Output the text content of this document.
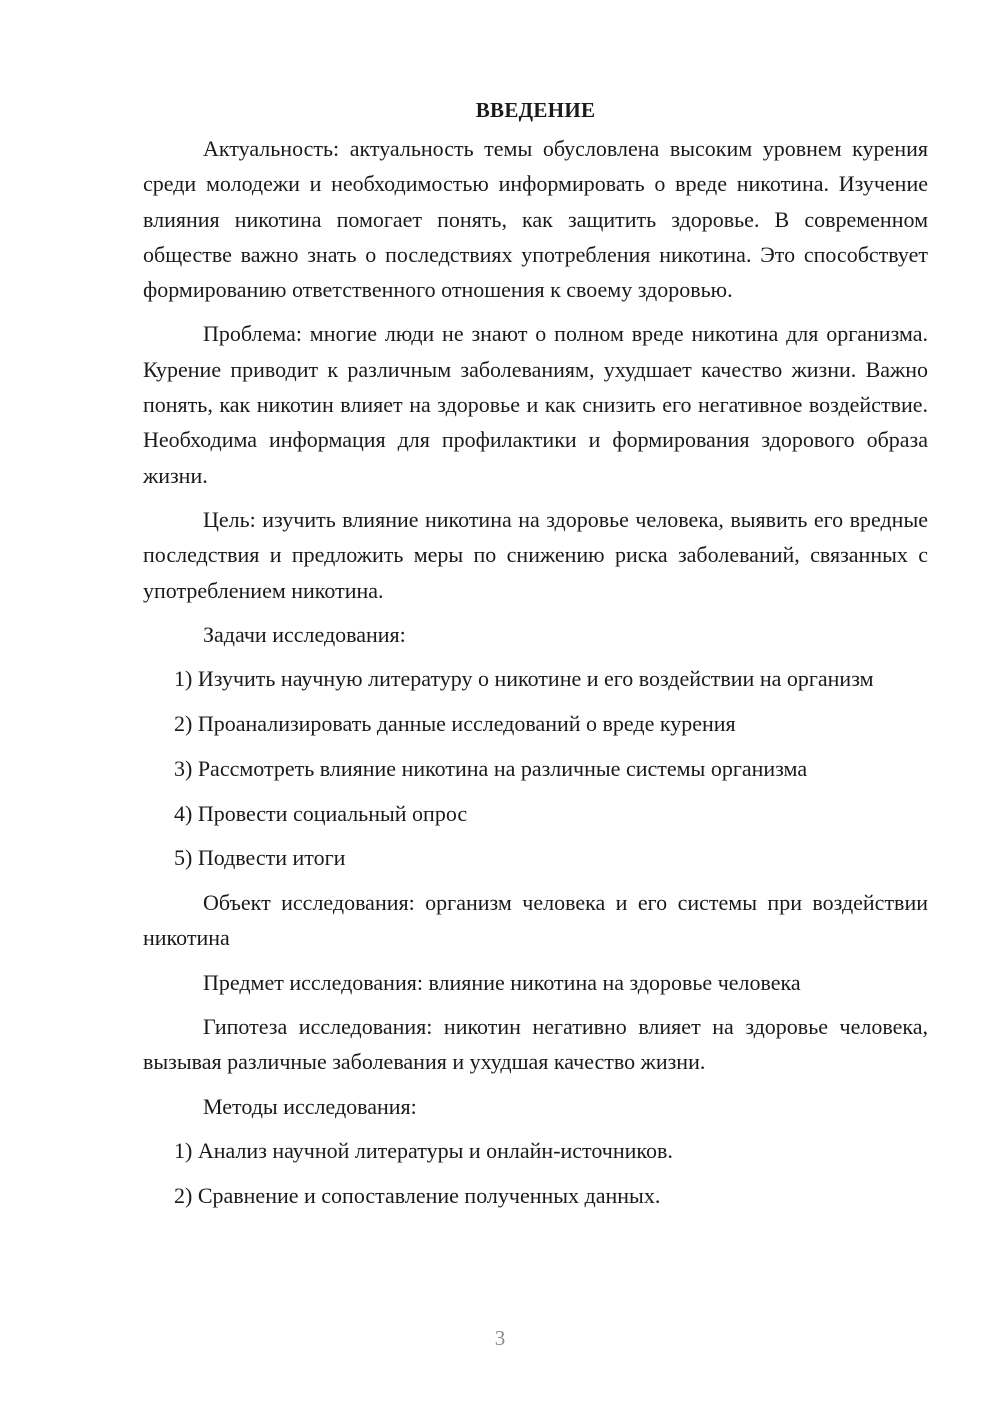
ВВЕДЕНИЕ

Актуальность: актуальность темы обусловлена высоким уровнем курения среди молодежи и необходимостью информировать о вреде никотина. Изучение влияния никотина помогает понять, как защитить здоровье. В современном обществе важно знать о последствиях употребления никотина. Это способствует формированию ответственного отношения к своему здоровью.

Проблема: многие люди не знают о полном вреде никотина для организма. Курение приводит к различным заболеваниям, ухудшает качество жизни. Важно понять, как никотин влияет на здоровье и как снизить его негативное воздействие. Необходима информация для профилактики и формирования здорового образа жизни.

Цель: изучить влияние никотина на здоровье человека, выявить его вредные последствия и предложить меры по снижению риска заболеваний, связанных с употреблением никотина.

Задачи исследования:

1) Изучить научную литературу о никотине и его воздействии на организм

2) Проанализировать данные исследований о вреде курения

3) Рассмотреть влияние никотина на различные системы организма

4) Провести социальный опрос

5) Подвести итоги

Объект исследования: организм человека и его системы при воздействии никотина

Предмет исследования: влияние никотина на здоровье человека

Гипотеза исследования: никотин негативно влияет на здоровье человека, вызывая различные заболевания и ухудшая качество жизни.

Методы исследования:

1) Анализ научной литературы и онлайн-источников.

2) Сравнение и сопоставление полученных данных.

3
